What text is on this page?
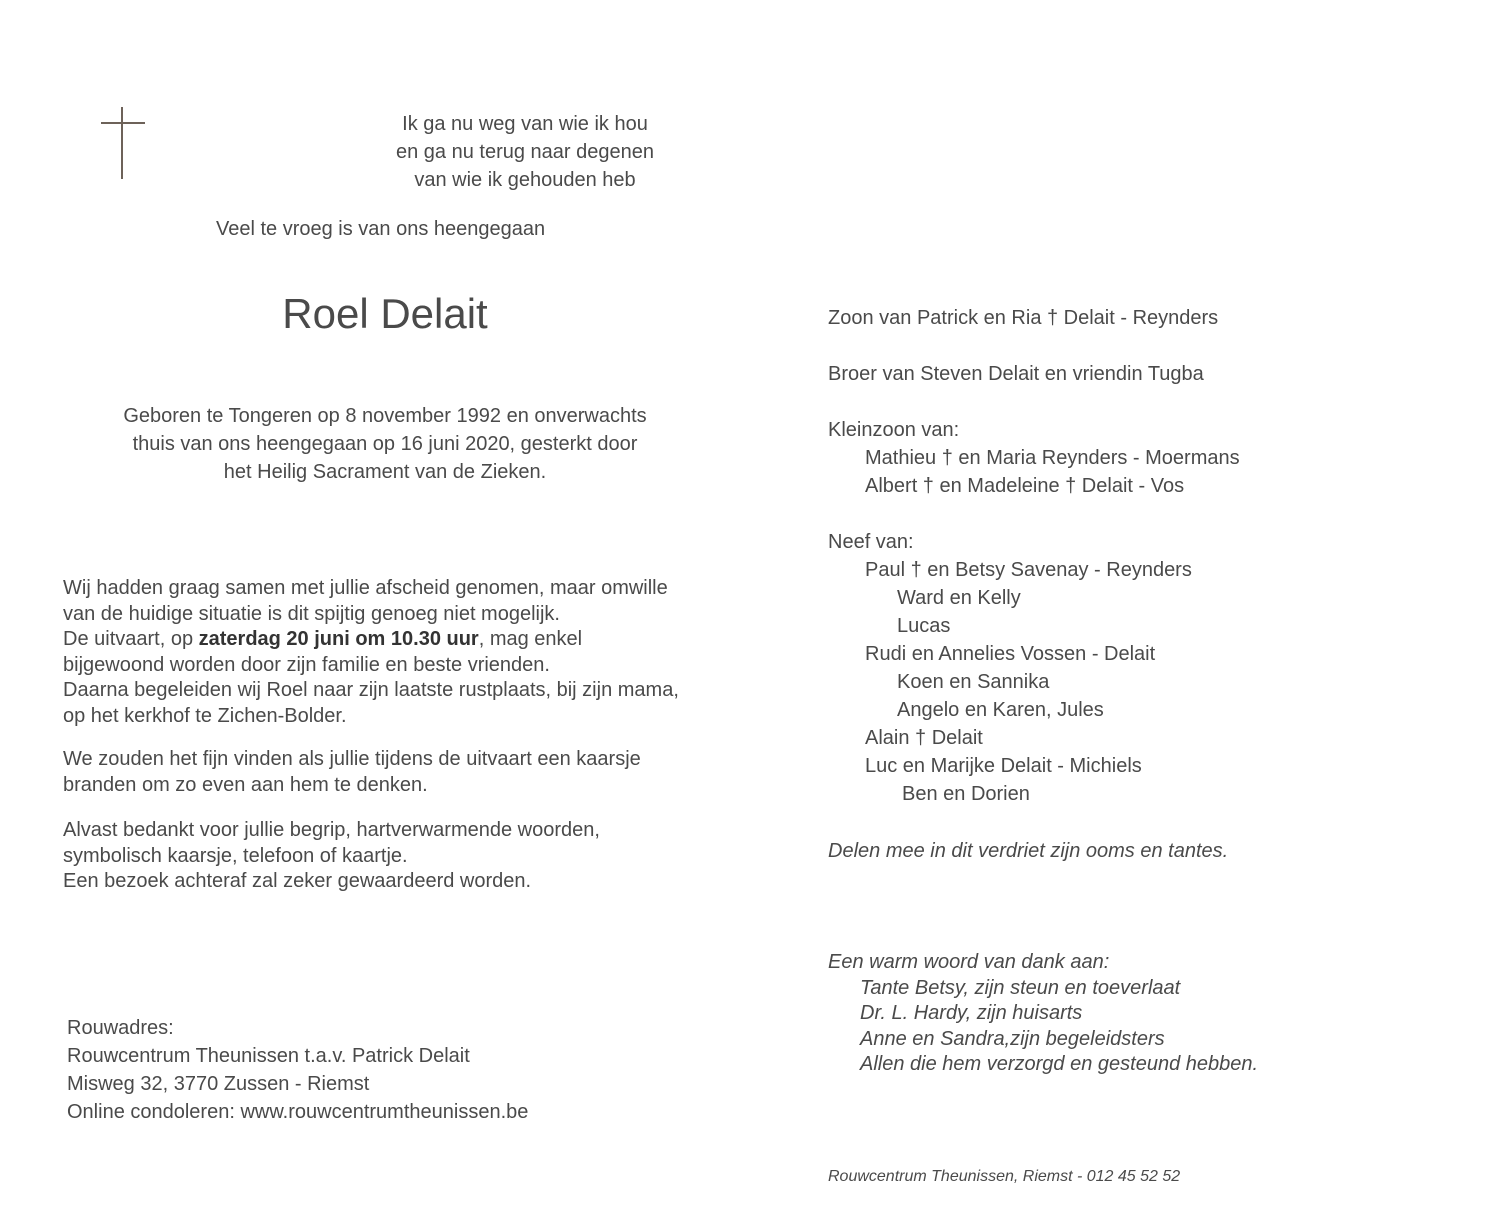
Ik ga nu weg van wie ik hou
en ga nu terug naar degenen
van wie ik gehouden heb
Veel te vroeg is van ons heengegaan
Roel Delait
Geboren te Tongeren op 8 november 1992 en onverwachts
thuis van ons heengegaan op 16 juni 2020, gesterkt door
het Heilig Sacrament van de Zieken.
Wij hadden graag samen met jullie afscheid genomen, maar omwille
van de huidige situatie is dit spijtig genoeg niet mogelijk.
De uitvaart, op zaterdag 20 juni om 10.30 uur, mag enkel
bijgewoond worden door zijn familie en beste vrienden.
Daarna begeleiden wij Roel naar zijn laatste rustplaats, bij zijn mama,
op het kerkhof te Zichen-Bolder.
We zouden het fijn vinden als jullie tijdens de uitvaart een kaarsje
branden om zo even aan hem te denken.
Alvast bedankt voor jullie begrip, hartverwarmende woorden,
symbolisch kaarsje, telefoon of kaartje.
Een bezoek achteraf zal zeker gewaardeerd worden.
Rouwadres:
Rouwcentrum Theunissen t.a.v. Patrick Delait
Misweg 32, 3770 Zussen - Riemst
Online condoleren: www.rouwcentrumtheunissen.be
Zoon van Patrick en Ria † Delait - Reynders
Broer van Steven Delait en vriendin Tugba
Kleinzoon van:
Mathieu † en Maria Reynders - Moermans
Albert † en Madeleine † Delait - Vos
Neef van:
Paul † en Betsy Savenay - Reynders
Ward en Kelly
Lucas
Rudi en Annelies Vossen - Delait
Koen en Sannika
Angelo en Karen, Jules
Alain † Delait
Luc en Marijke Delait - Michiels
Ben en Dorien
Delen mee in dit verdriet zijn ooms en tantes.
Een warm woord van dank aan:
Tante Betsy, zijn steun en toeverlaat
Dr. L. Hardy, zijn huisarts
Anne en Sandra,zijn begeleidsters
Allen die hem verzorgd en gesteund hebben.
Rouwcentrum Theunissen, Riemst - 012 45 52 52
